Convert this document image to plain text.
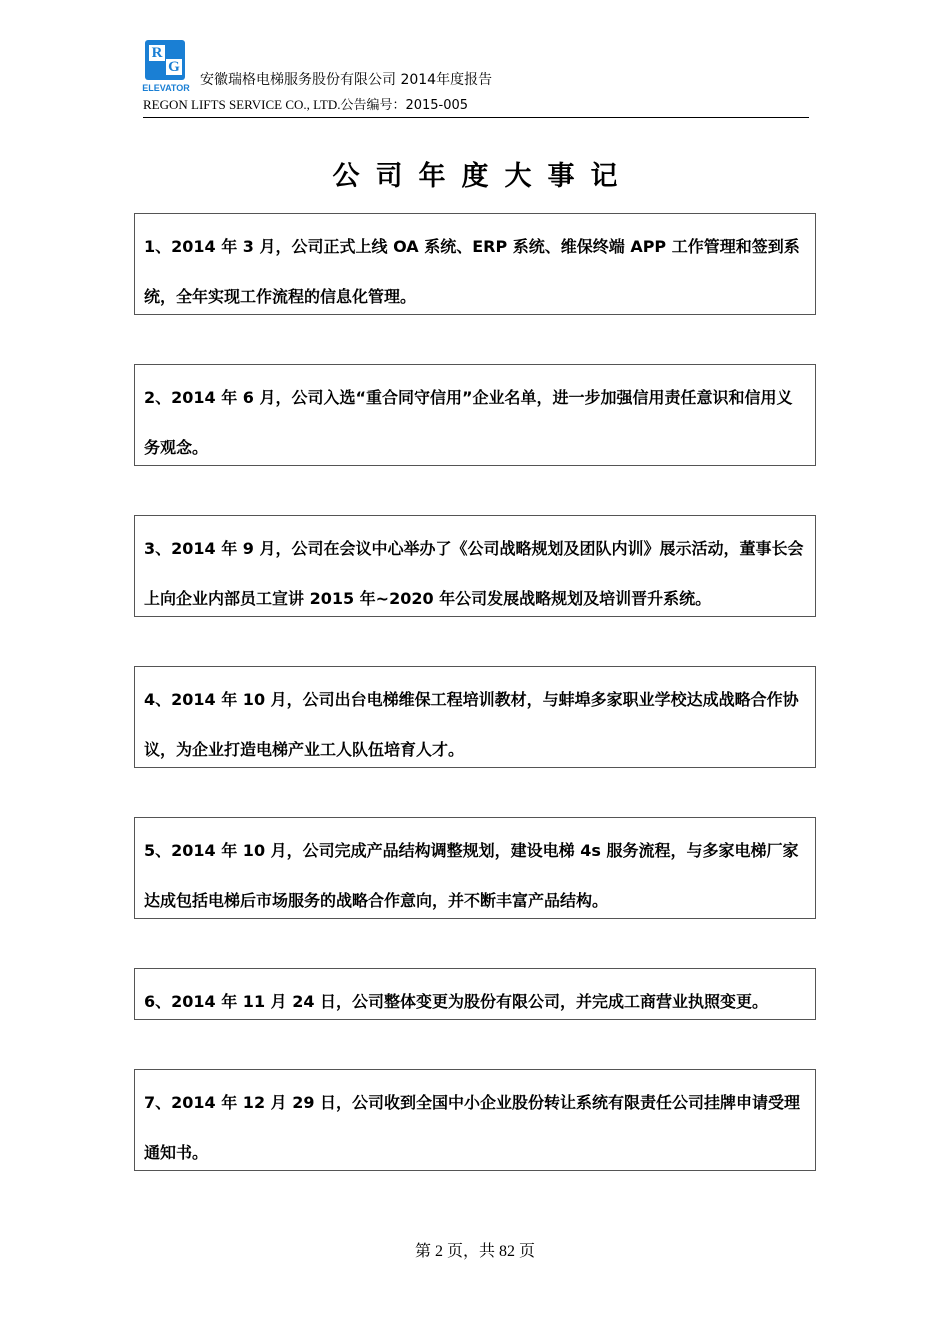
R
G
ELEVATOR 安徽瑞格电梯服务股份有限公司 2014年度报告
REGON LIFTS SERVICE CO., LTD.公告编号：2015-005
公司年度大事记

1、2014 年 3 月，公司正式上线 OA 系统、ERP 系统、维保终端 APP 工作管理和签到系统，全年实现工作流程的信息化管理。

2、2014 年 6 月，公司入选“重合同守信用”企业名单，进一步加强信用责任意识和信用义务观念。

3、2014 年 9 月，公司在会议中心举办了《公司战略规划及团队内训》展示活动，董事长会上向企业内部员工宣讲 2015 年~2020 年公司发展战略规划及培训晋升系统。

4、2014 年 10 月，公司出台电梯维保工程培训教材，与蚌埠多家职业学校达成战略合作协议，为企业打造电梯产业工人队伍培育人才。

5、2014 年 10 月，公司完成产品结构调整规划，建设电梯 4s 服务流程，与多家电梯厂家达成包括电梯后市场服务的战略合作意向，并不断丰富产品结构。

6、2014 年 11 月 24 日，公司整体变更为股份有限公司，并完成工商营业执照变更。

7、2014 年 12 月 29 日，公司收到全国中小企业股份转让系统有限责任公司挂牌申请受理通知书。

第 2 页，共 82 页
